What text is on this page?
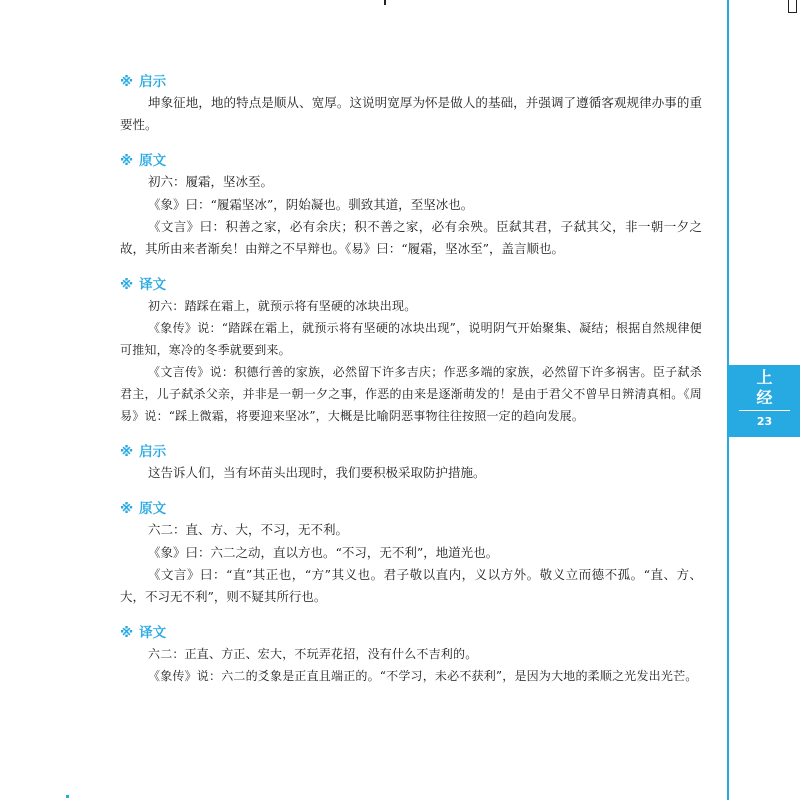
上
经
23
※ 启示

坤象征地，地的特点是顺从、宽厚。这说明宽厚为怀是做人的基础，并强调了遵循客观规律办事的重要性。

※ 原文

初六：履霜，坚冰至。

《象》曰：“履霜坚冰”，阴始凝也。驯致其道，至坚冰也。

《文言》曰：积善之家，必有余庆；积不善之家，必有余殃。臣弑其君，子弑其父，非一朝一夕之故，其所由来者渐矣！由辩之不早辩也。《易》曰：“履霜，坚冰至”，盖言顺也。

※ 译文

初六：踏踩在霜上，就预示将有坚硬的冰块出现。

《象传》说：“踏踩在霜上，就预示将有坚硬的冰块出现”，说明阴气开始聚集、凝结；根据自然规律便可推知，寒冷的冬季就要到来。

《文言传》说：积德行善的家族，必然留下许多吉庆；作恶多端的家族，必然留下许多祸害。臣子弑杀君主，儿子弑杀父亲，并非是一朝一夕之事，作恶的由来是逐渐萌发的！是由于君父不曾早日辨清真相。《周易》说：“踩上微霜，将要迎来坚冰”，大概是比喻阴恶事物往往按照一定的趋向发展。

※ 启示

这告诉人们，当有坏苗头出现时，我们要积极采取防护措施。

※ 原文

六二：直、方、大，不习，无不利。

《象》曰：六二之动，直以方也。“不习，无不利”，地道光也。

《文言》曰：“直”其正也，“方”其义也。君子敬以直内，义以方外。敬义立而德不孤。“直、方、大，不习无不利”，则不疑其所行也。

※ 译文

六二：正直、方正、宏大，不玩弄花招，没有什么不吉利的。

《象传》说：六二的爻象是正直且端正的。“不学习，未必不获利”，是因为大地的柔顺之光发出光芒。
